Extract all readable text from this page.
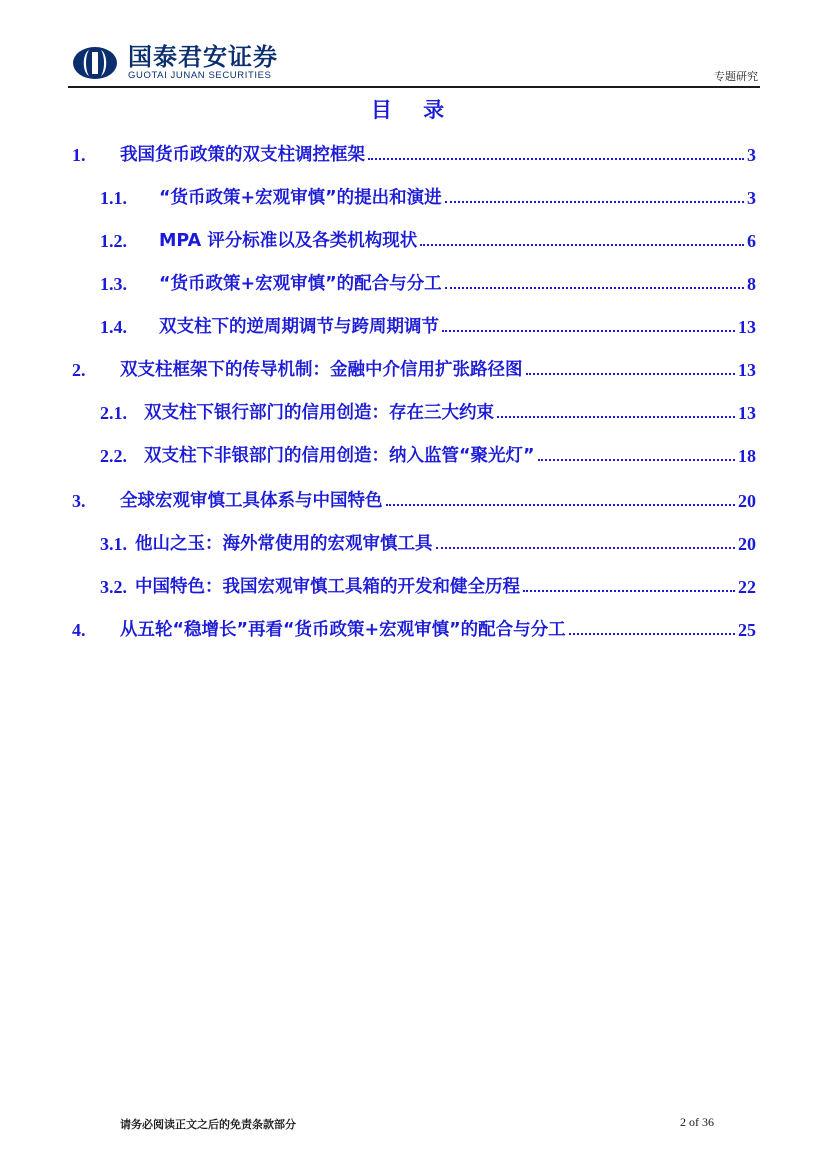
国泰君安证券
GUOTAI JUNAN SECURITIES	专题研究
目 录
1.	我国货币政策的双支柱调控框架	3
1.1.	“货币政策+宏观审慎”的提出和演进	3
1.2.	MPA 评分标准以及各类机构现状	6
1.3.	“货币政策+宏观审慎”的配合与分工	8
1.4.	双支柱下的逆周期调节与跨周期调节	13
2.	双支柱框架下的传导机制：金融中介信用扩张路径图	13
2.1. 双支柱下银行部门的信用创造：存在三大约束	13
2.2. 双支柱下非银部门的信用创造：纳入监管“聚光灯”	18
3.	全球宏观审慎工具体系与中国特色	20
3.1. 他山之玉：海外常使用的宏观审慎工具	20
3.2. 中国特色：我国宏观审慎工具箱的开发和健全历程	22
4.	从五轮“稳增长”再看“货币政策+宏观审慎”的配合与分工	25
请务必阅读正文之后的免责条款部分	2 of 36
